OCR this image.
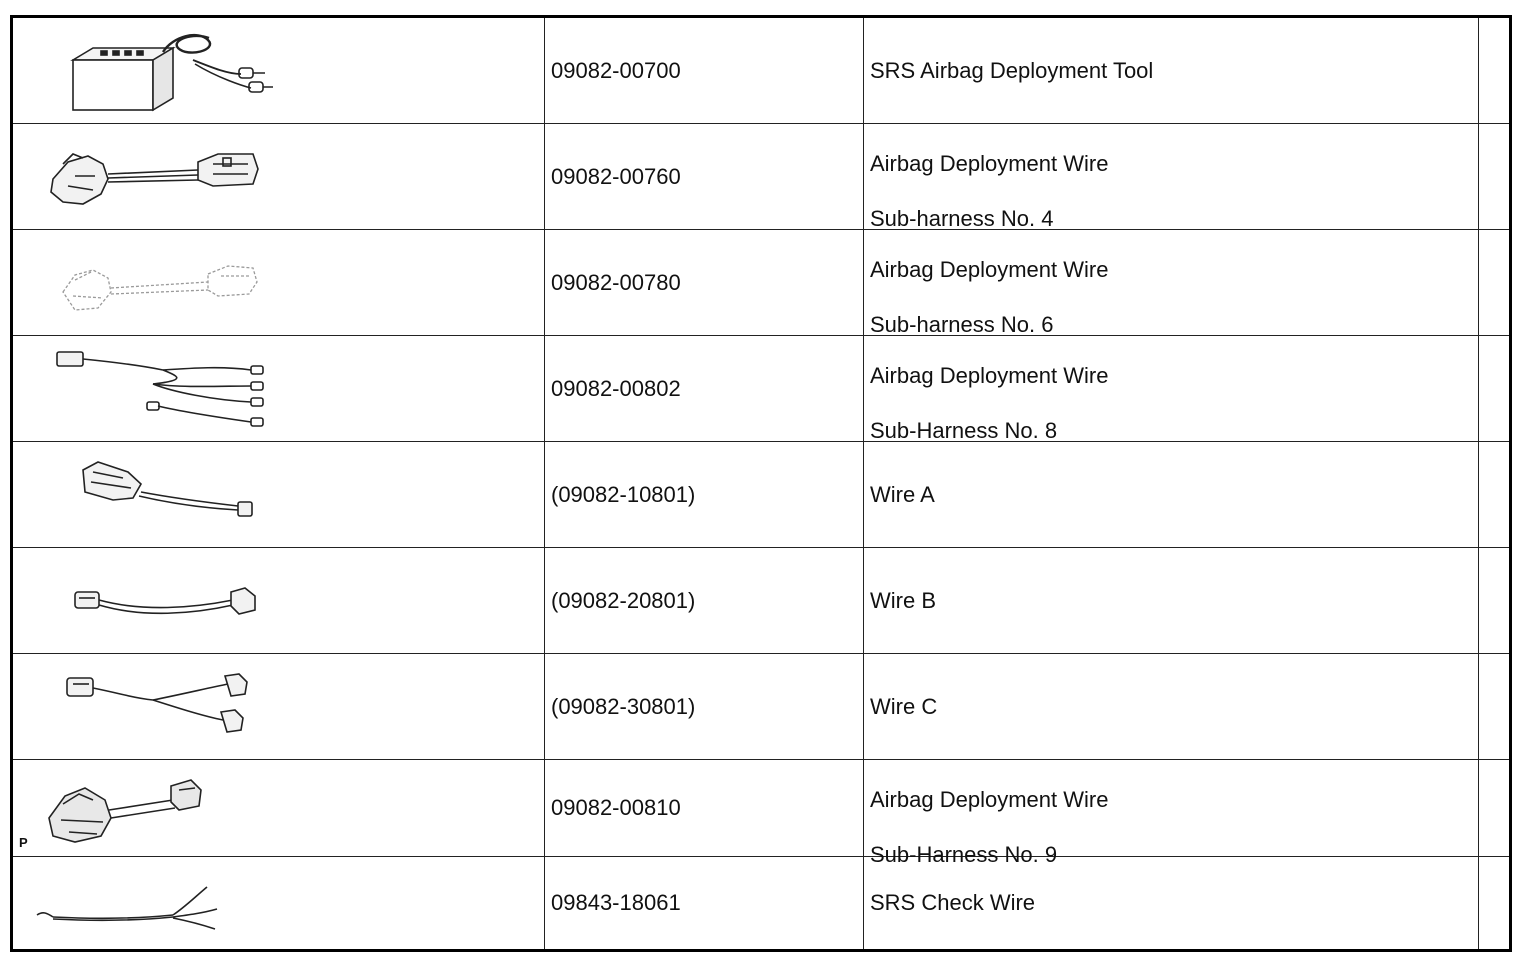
09082-00700	SRS Airbag Deployment Tool
09082-00760	Airbag Deployment Wire
Sub-harness No. 4
09082-00780	Airbag Deployment Wire
Sub-harness No. 6
09082-00802	Airbag Deployment Wire
Sub-Harness No. 8
(09082-10801)	Wire A
(09082-20801)	Wire B
(09082-30801)	Wire C
P
09082-00810	Airbag Deployment Wire
Sub-Harness No. 9
09843-18061	SRS Check Wire
